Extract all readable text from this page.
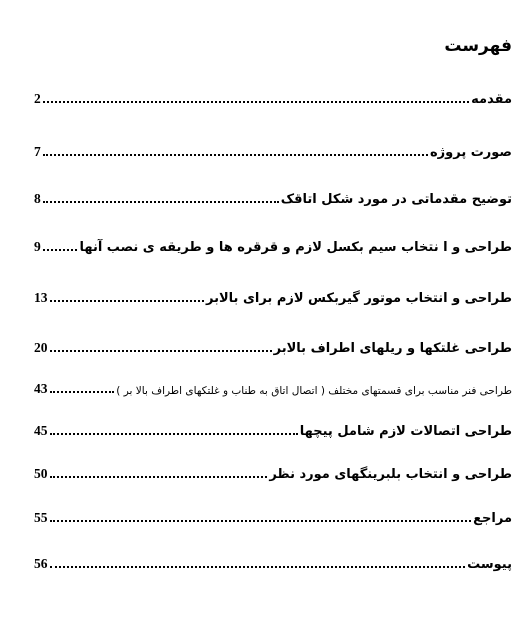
فهرست
مقدمه
2
صورت پروژه
7
توضیح مقدماتی در مورد شکل اتاقک
8
طراحی و ا نتخاب سیم بکسل لازم و قرقره ها و طریقه ی نصب آنها
9
طراحی و انتخاب موتور گیربکس لازم برای بالابر
13
طراحی غلتکها و ریلهای اطراف بالابر
20
طراحی فنر مناسب برای قسمتهای مختلف ( اتصال اتاق به طناب و غلتکهای اطراف بالا بر )
43
طراحی اتصالات لازم شامل پیچها
45
طراحی و انتخاب بلبرینگهای مورد نظر
50
مراجع
55
پیوست
56
